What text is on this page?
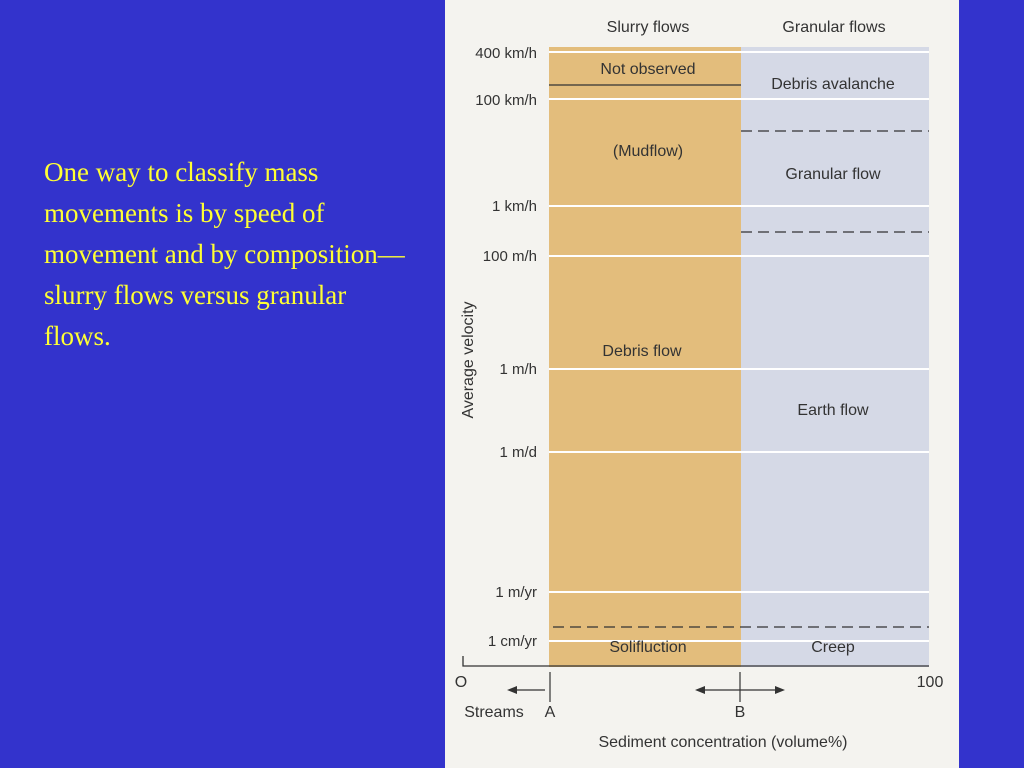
One way to classify mass movements is by speed of movement and by composition—slurry flows versus granular flows.

Slurry flows	Granular flows
400 km/h
100 km/h
1 km/h
100 m/h
1 m/h
1 m/d
1 m/yr
1 cm/yr
Average velocity
Not observed
(Mudflow)
Debris flow
Solifluction
Debris avalanche
Granular flow
Earth flow
Creep
O	100
Streams A	B
Sediment concentration (volume%)
